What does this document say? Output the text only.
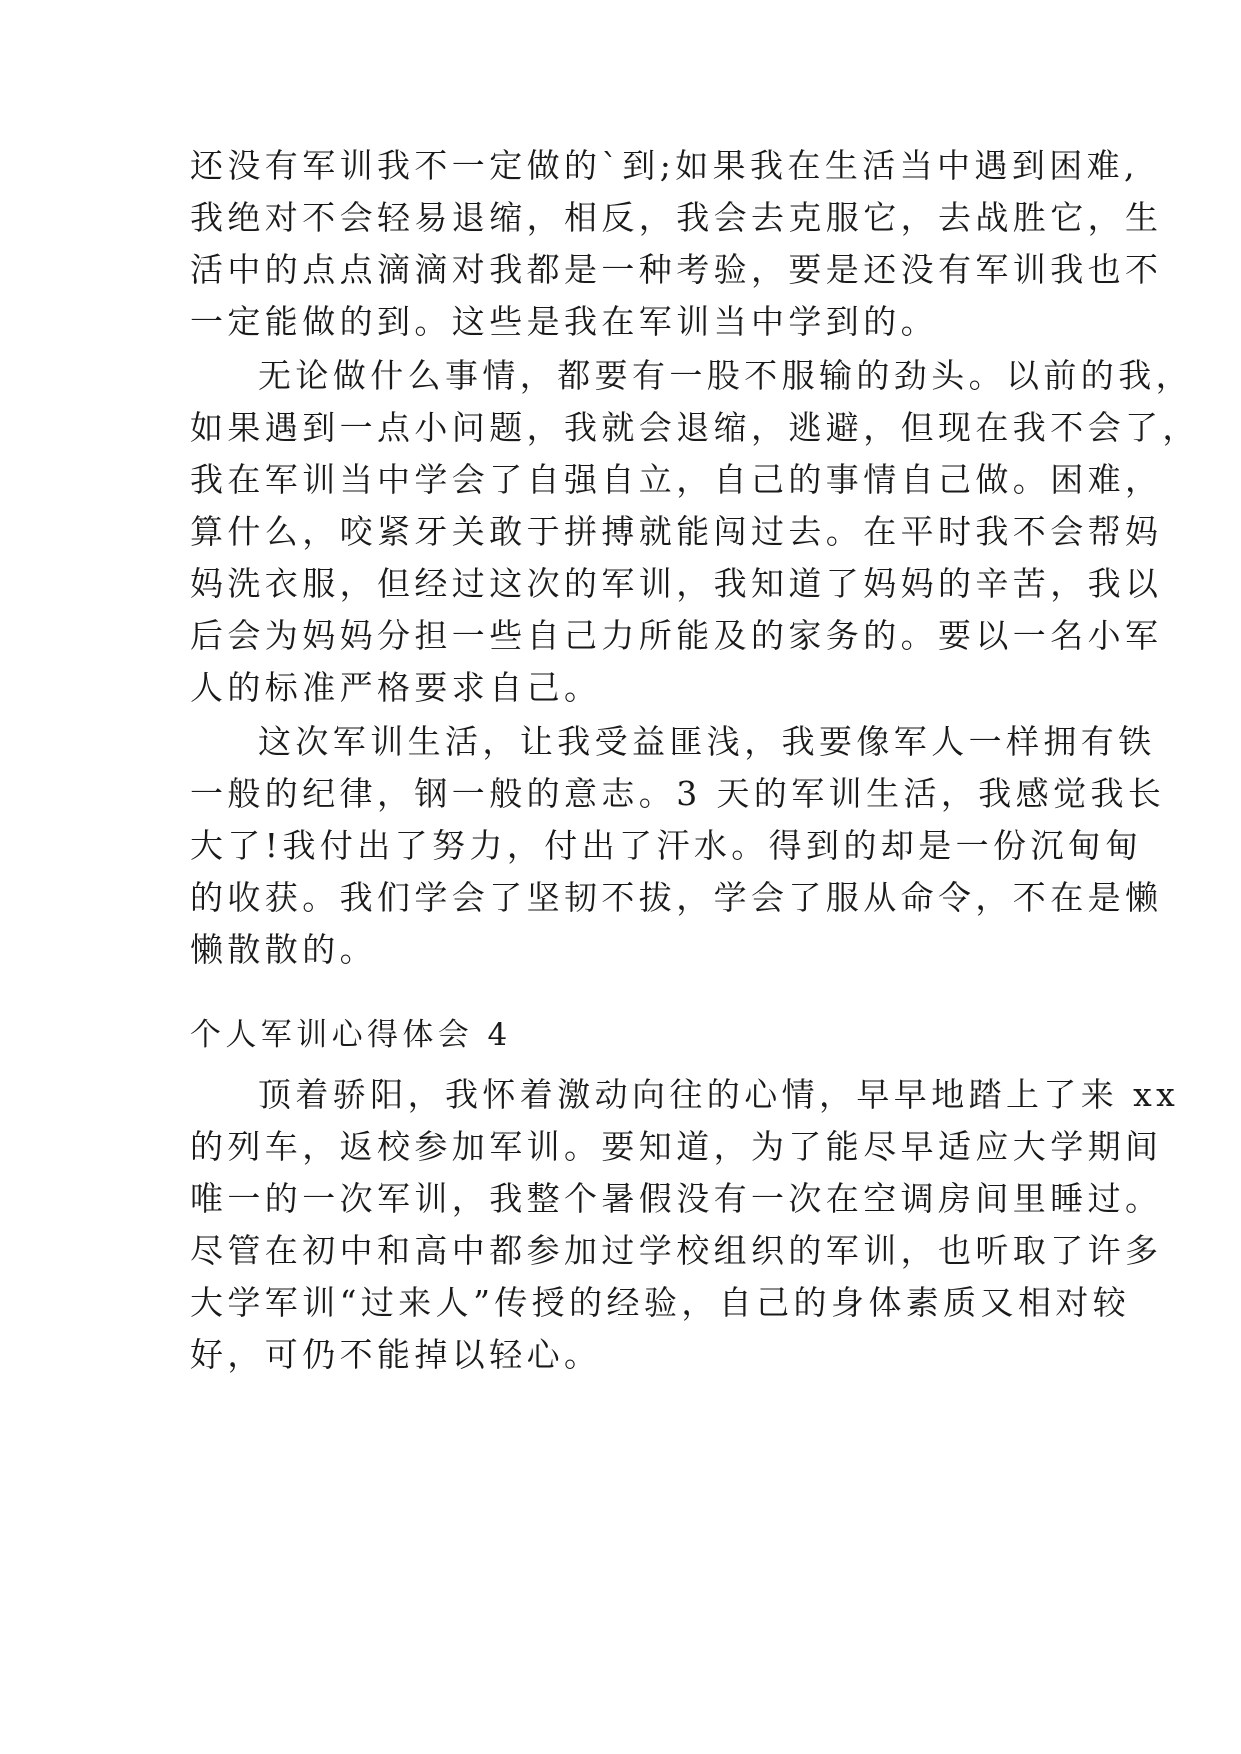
还没有军训我不一定做的`到;如果我在生活当中遇到困难,
我绝对不会轻易退缩，相反，我会去克服它，去战胜它，生
活中的点点滴滴对我都是一种考验，要是还没有军训我也不
一定能做的到。这些是我在军训当中学到的。
无论做什么事情，都要有一股不服输的劲头。以前的我，
如果遇到一点小问题，我就会退缩，逃避，但现在我不会了，
我在军训当中学会了自强自立，自己的事情自己做。困难，
算什么，咬紧牙关敢于拼搏就能闯过去。在平时我不会帮妈
妈洗衣服，但经过这次的军训，我知道了妈妈的辛苦，我以
后会为妈妈分担一些自己力所能及的家务的。要以一名小军
人的标准严格要求自己。
这次军训生活，让我受益匪浅，我要像军人一样拥有铁
一般的纪律，钢一般的意志。3 天的军训生活，我感觉我长
大了!我付出了努力，付出了汗水。得到的却是一份沉甸甸
的收获。我们学会了坚韧不拔，学会了服从命令，不在是懒
懒散散的。
个人军训心得体会 4
顶着骄阳，我怀着激动向往的心情，早早地踏上了来 xx
的列车，返校参加军训。要知道，为了能尽早适应大学期间
唯一的一次军训，我整个暑假没有一次在空调房间里睡过。
尽管在初中和高中都参加过学校组织的军训，也听取了许多
大学军训“过来人”传授的经验，自己的身体素质又相对较
好，可仍不能掉以轻心。
